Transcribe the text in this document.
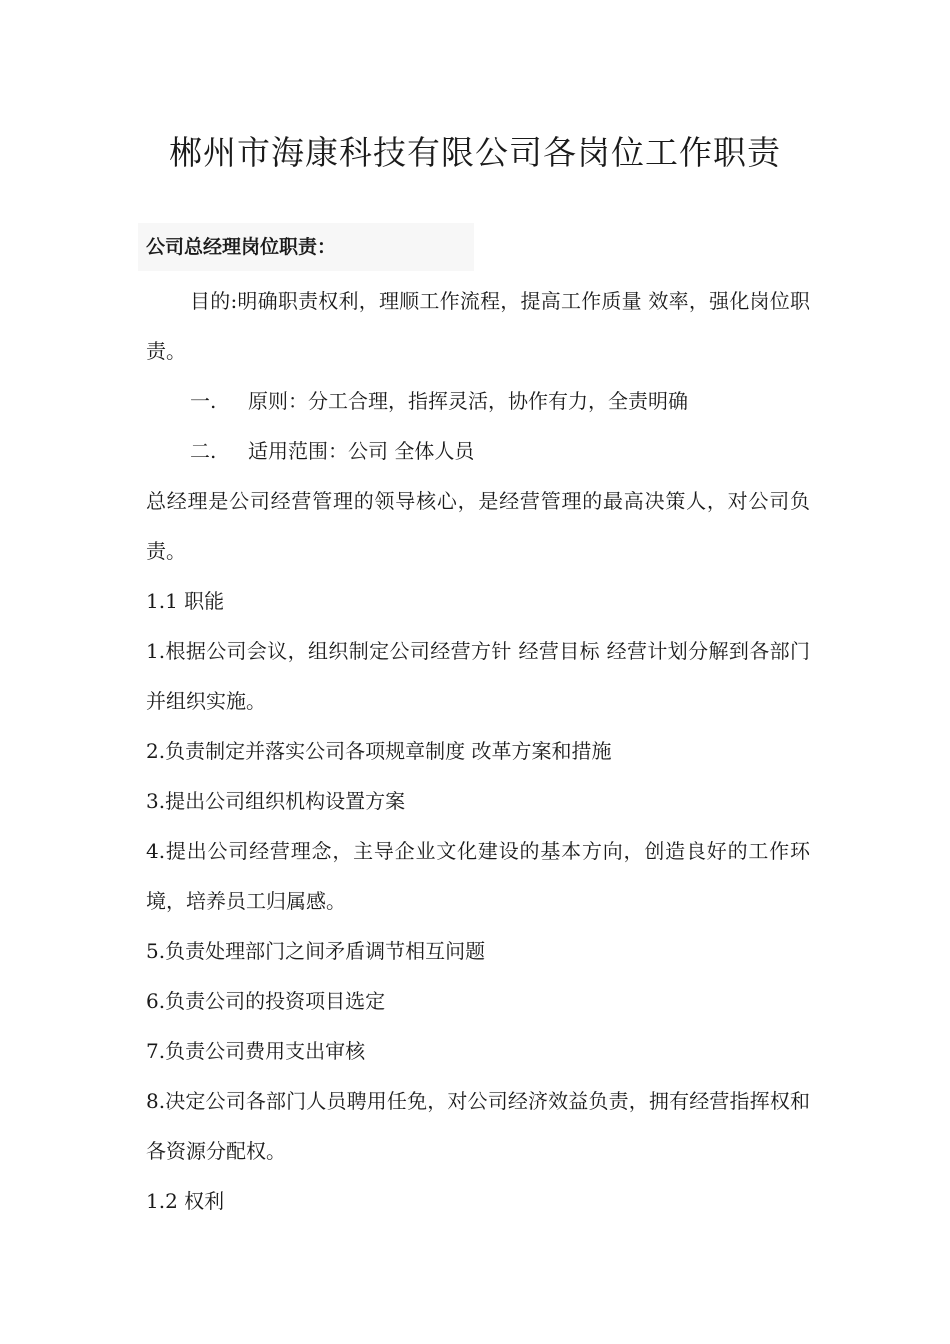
郴州市海康科技有限公司各岗位工作职责
公司总经理岗位职责：

目的:明确职责权利，理顺工作流程，提高工作质量 效率，强化岗位职责。

一. 原则：分工合理，指挥灵活，协作有力，全责明确

二. 适用范围：公司 全体人员

总经理是公司经营管理的领导核心，是经营管理的最高决策人，对公司负责。

1.1 职能

1.根据公司会议，组织制定公司经营方针 经营目标 经营计划分解到各部门并组织实施。

2.负责制定并落实公司各项规章制度 改革方案和措施

3.提出公司组织机构设置方案

4.提出公司经营理念，主导企业文化建设的基本方向，创造良好的工作环境，培养员工归属感。

5.负责处理部门之间矛盾调节相互问题

6.负责公司的投资项目选定

7.负责公司费用支出审核

8.决定公司各部门人员聘用任免，对公司经济效益负责，拥有经营指挥权和各资源分配权。

1.2 权利
